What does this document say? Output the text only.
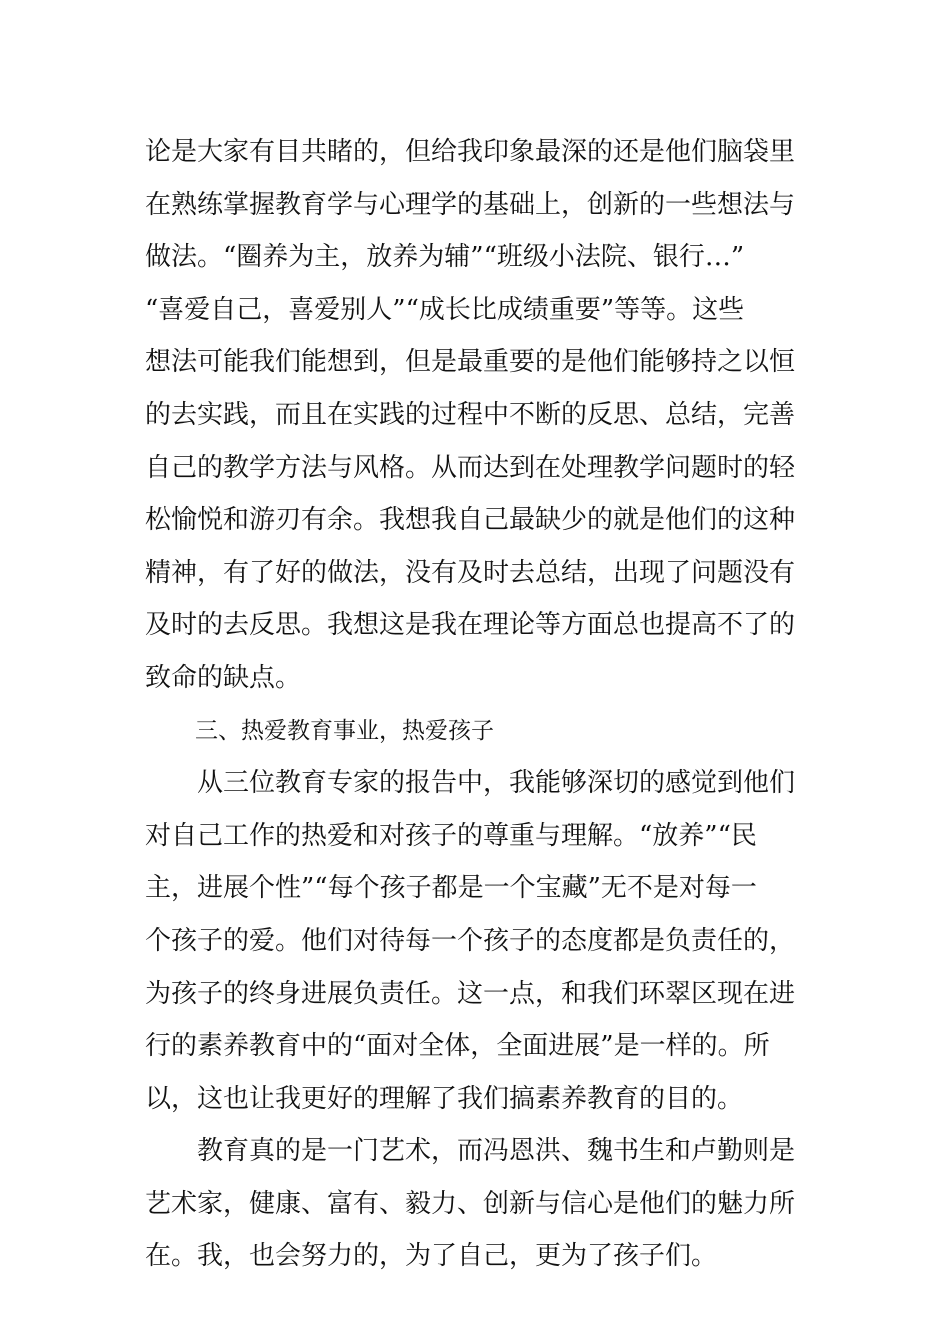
论是大家有目共睹的，但给我印象最深的还是他们脑袋里
在熟练掌握教育学与心理学的基础上，创新的一些想法与
做法。“圈养为主，放养为辅”“班级小法院、银行…”
“喜爱自己，喜爱别人”“成长比成绩重要”等等。这些
想法可能我们能想到，但是最重要的是他们能够持之以恒
的去实践，而且在实践的过程中不断的反思、总结，完善
自己的教学方法与风格。从而达到在处理教学问题时的轻
松愉悦和游刃有余。我想我自己最缺少的就是他们的这种
精神，有了好的做法，没有及时去总结，出现了问题没有
及时的去反思。我想这是我在理论等方面总也提高不了的
致命的缺点。
三、热爱教育事业，热爱孩子
从三位教育专家的报告中，我能够深切的感觉到他们
对自己工作的热爱和对孩子的尊重与理解。“放养”“民
主，进展个性”“每个孩子都是一个宝藏”无不是对每一
个孩子的爱。他们对待每一个孩子的态度都是负责任的，
为孩子的终身进展负责任。这一点，和我们环翠区现在进
行的素养教育中的“面对全体，全面进展”是一样的。所
以，这也让我更好的理解了我们搞素养教育的目的。
教育真的是一门艺术，而冯恩洪、魏书生和卢勤则是
艺术家，健康、富有、毅力、创新与信心是他们的魅力所
在。我，也会努力的，为了自己，更为了孩子们。
